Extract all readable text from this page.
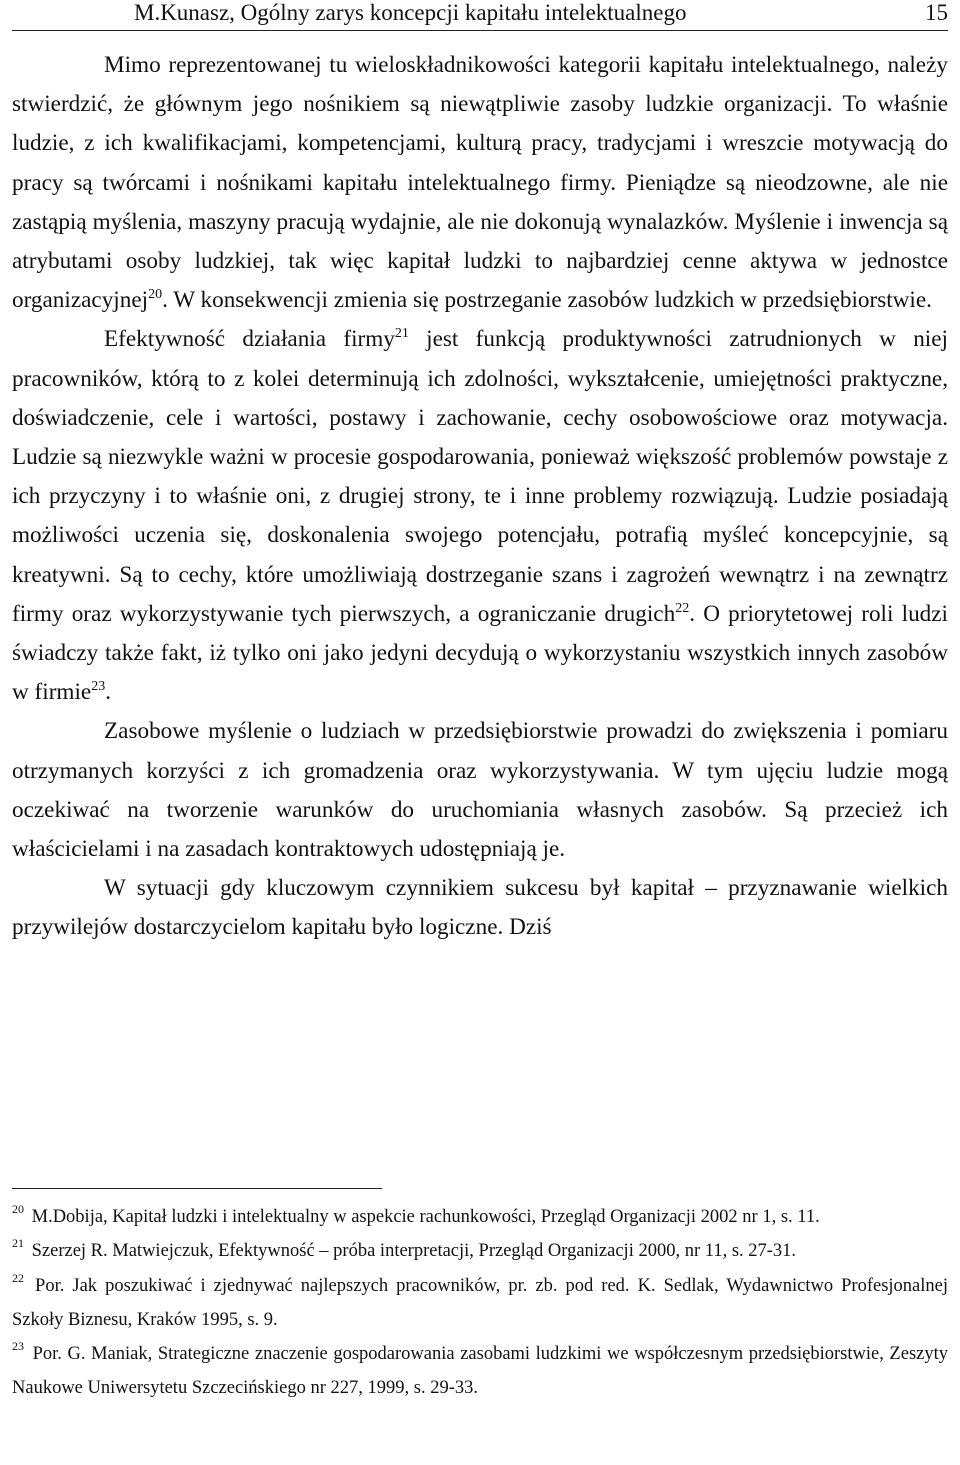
M.Kunasz, Ogólny zarys koncepcji kapitału intelektualnego	15

Mimo reprezentowanej tu wieloskładnikowości kategorii kapitału intelektualnego, należy stwierdzić, że głównym jego nośnikiem są niewątpliwie zasoby ludzkie organizacji. To właśnie ludzie, z ich kwalifikacjami, kompetencjami, kulturą pracy, tradycjami i wreszcie motywacją do pracy są twórcami i nośnikami kapitału intelektualnego firmy. Pieniądze są nieodzowne, ale nie zastąpią myślenia, maszyny pracują wydajnie, ale nie dokonują wynalazków. Myślenie i inwencja są atrybutami osoby ludzkiej, tak więc kapitał ludzki to najbardziej cenne aktywa w jednostce organizacyjnej$^{20}$. W konsekwencji zmienia się postrzeganie zasobów ludzkich w przedsiębiorstwie.

Efektywność działania firmy$^{21}$ jest funkcją produktywności zatrudnionych w niej pracowników, którą to z kolei determinują ich zdolności, wykształcenie, umiejętności praktyczne, doświadczenie, cele i wartości, postawy i zachowanie, cechy osobowościowe oraz motywacja. Ludzie są niezwykle ważni w procesie gospodarowania, ponieważ większość problemów powstaje z ich przyczyny i to właśnie oni, z drugiej strony, te i inne problemy rozwiązują. Ludzie posiadają możliwości uczenia się, doskonalenia swojego potencjału, potrafią myśleć koncepcyjnie, są kreatywni. Są to cechy, które umożliwiają dostrzeganie szans i zagrożeń wewnątrz i na zewnątrz firmy oraz wykorzystywanie tych pierwszych, a ograniczanie drugich$^{22}$. O priorytetowej roli ludzi świadczy także fakt, iż tylko oni jako jedyni decydują o wykorzystaniu wszystkich innych zasobów w firmie$^{23}$.

Zasobowe myślenie o ludziach w przedsiębiorstwie prowadzi do zwiększenia i pomiaru otrzymanych korzyści z ich gromadzenia oraz wykorzystywania. W tym ujęciu ludzie mogą oczekiwać na tworzenie warunków do uruchomiania własnych zasobów. Są przecież ich właścicielami i na zasadach kontraktowych udostępniają je.

W sytuacji gdy kluczowym czynnikiem sukcesu był kapitał – przyznawanie wielkich przywilejów dostarczycielom kapitału było logiczne. Dziś

$^{20}$ M.Dobija, Kapitał ludzki i intelektualny w aspekcie rachunkowości, Przegląd Organizacji 2002 nr 1, s. 11.

$^{21}$ Szerzej R. Matwiejczuk, Efektywność – próba interpretacji, Przegląd Organizacji 2000, nr 11, s. 27-31.

$^{22}$ Por. Jak poszukiwać i zjednywać najlepszych pracowników, pr. zb. pod red. K. Sedlak, Wydawnictwo Profesjonalnej Szkoły Biznesu, Kraków 1995, s. 9.

$^{23}$ Por. G. Maniak, Strategiczne znaczenie gospodarowania zasobami ludzkimi we współczesnym przedsiębiorstwie, Zeszyty Naukowe Uniwersytetu Szczecińskiego nr 227, 1999, s. 29-33.
